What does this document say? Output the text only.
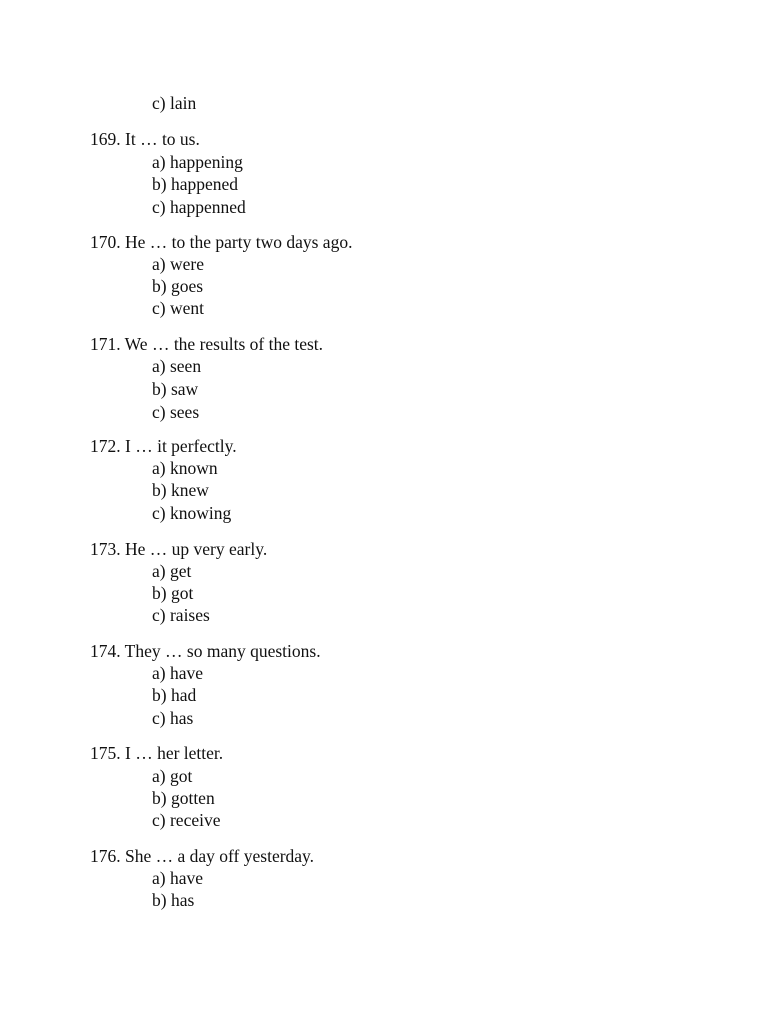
c) lain
169. It … to us.
a) happening
b) happened
c) happenned
170. He … to the party two days ago.
a) were
b) goes
c) went
171. We … the results of the test.
a) seen
b) saw
c) sees
172. I … it perfectly.
a) known
b) knew
c) knowing
173. He … up very early.
a) get
b) got
c) raises
174. They … so many questions.
a) have
b) had
c) has
175. I … her letter.
a) got
b) gotten
c) receive
176. She … a day off yesterday.
a) have
b) has
